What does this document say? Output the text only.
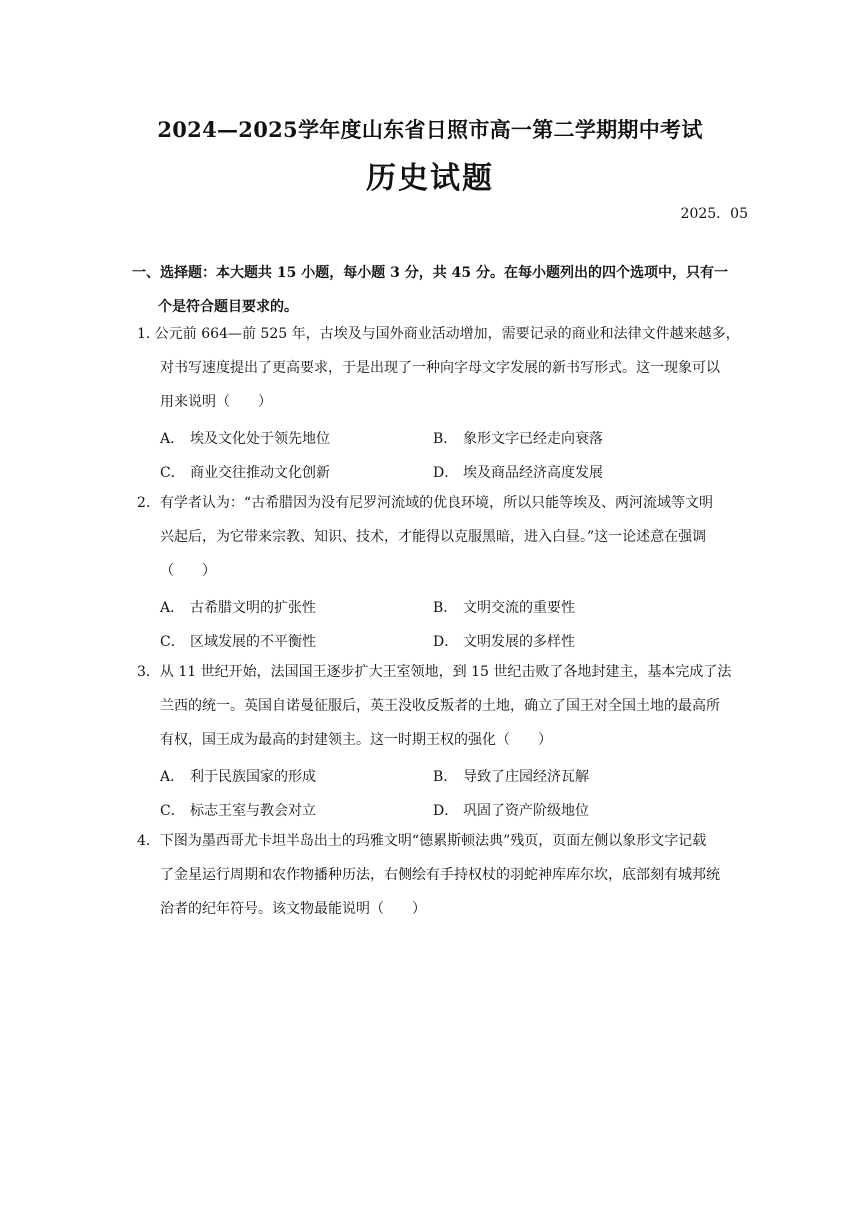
2024—2025学年度山东省日照市高一第二学期期中考试
历史试题
2025．05
一、选择题：本大题共 15 小题，每小题 3 分，共 45 分。在每小题列出的四个选项中，只有一
个是符合题目要求的。
1. 公元前 664—前 525 年，古埃及与国外商业活动增加，需要记录的商业和法律文件越来越多，
对书写速度提出了更高要求，于是出现了一种向字母文字发展的新书写形式。这一现象可以
用来说明（　　）
A． 埃及文化处于领先地位	B． 象形文字已经走向衰落
C． 商业交往推动文化创新	D． 埃及商品经济高度发展
2．有学者认为：“古希腊因为没有尼罗河流域的优良环境，所以只能等埃及、两河流域等文明
兴起后，为它带来宗教、知识、技术，才能得以克服黑暗，进入白昼。”这一论述意在强调
（　　）
A． 古希腊文明的扩张性	B． 文明交流的重要性
C． 区域发展的不平衡性	D． 文明发展的多样性
3．从 11 世纪开始，法国国王逐步扩大王室领地，到 15 世纪击败了各地封建主，基本完成了法
兰西的统一。英国自诺曼征服后，英王没收反叛者的土地，确立了国王对全国土地的最高所
有权，国王成为最高的封建领主。这一时期王权的强化（　　）
A． 利于民族国家的形成	B． 导致了庄园经济瓦解
C． 标志王室与教会对立	D． 巩固了资产阶级地位
4．下图为墨西哥尤卡坦半岛出土的玛雅文明“德累斯顿法典”残页，页面左侧以象形文字记载
了金星运行周期和农作物播种历法，右侧绘有手持权杖的羽蛇神库库尔坎，底部刻有城邦统
治者的纪年符号。该文物最能说明（　　）
